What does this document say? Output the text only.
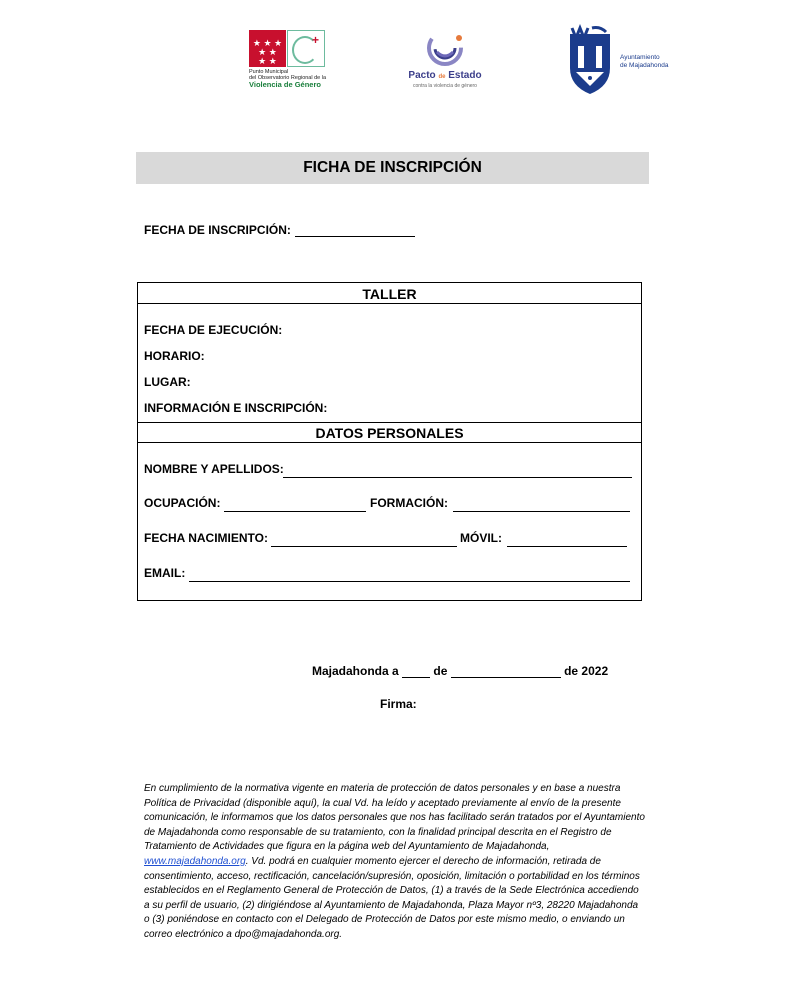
★ ★ ★
★ ★
★ ★
+
Punto Municipal
del Observatorio Regional de la
Violencia de Género
Pacto de Estado
contra la violencia de género
Ayuntamiento
de Majadahonda
FICHA DE INSCRIPCIÓN
FECHA DE INSCRIPCIÓN:
TALLER
FECHA DE EJECUCIÓN:
HORARIO:
LUGAR:
INFORMACIÓN E INSCRIPCIÓN:
DATOS PERSONALES
NOMBRE Y APELLIDOS:
OCUPACIÓN:	FORMACIÓN:
FECHA NACIMIENTO:	MÓVIL:
EMAIL:
Majadahonda a	de	de 2022
Firma:
En cumplimiento de la normativa vigente en materia de protección de datos personales y en base a nuestra Política de Privacidad (disponible aquí), la cual Vd. ha leído y aceptado previamente al envío de la presente comunicación, le informamos que los datos personales que nos has facilitado serán tratados por el Ayuntamiento de Majadahonda como responsable de su tratamiento, con la finalidad principal descrita en el Registro de Tratamiento de Actividades que figura en la página web del Ayuntamiento de Majadahonda, www.majadahonda.org. Vd. podrá en cualquier momento ejercer el derecho de información, retirada de consentimiento, acceso, rectificación, cancelación/supresión, oposición, limitación o portabilidad en los términos establecidos en el Reglamento General de Protección de Datos, (1) a través de la Sede Electrónica accediendo a su perfil de usuario, (2) dirigiéndose al Ayuntamiento de Majadahonda, Plaza Mayor nº3, 28220 Majadahonda o (3) poniéndose en contacto con el Delegado de Protección de Datos por este mismo medio, o enviando un correo electrónico a dpo@majadahonda.org.
